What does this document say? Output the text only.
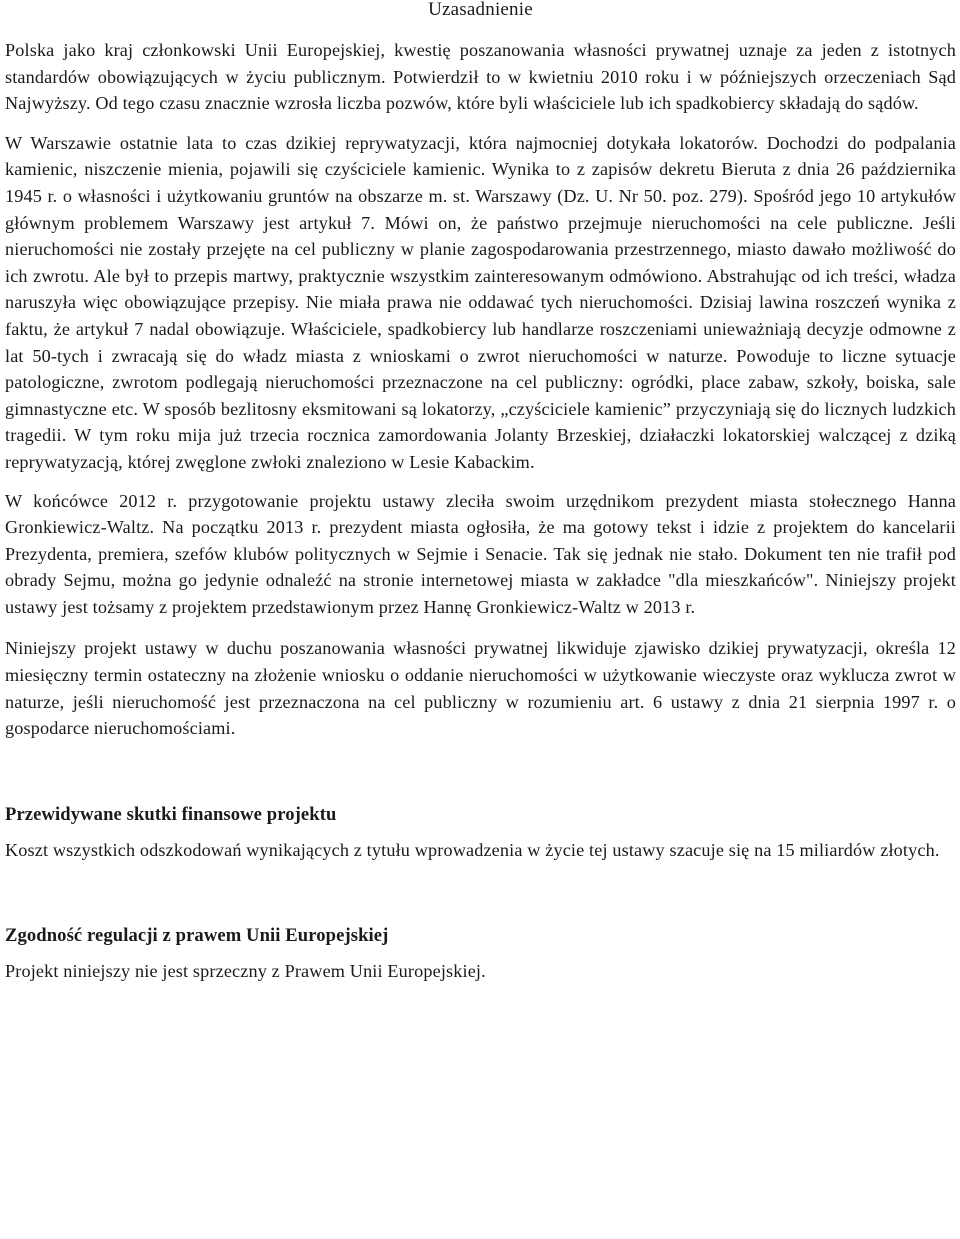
Uzasadnienie

Polska jako kraj członkowski Unii Europejskiej, kwestię poszanowania własności prywatnej uznaje za jeden z istotnych standardów obowiązujących w życiu publicznym. Potwierdził to w kwietniu 2010 roku i w późniejszych orzeczeniach Sąd Najwyższy. Od tego czasu znacznie wzrosła liczba pozwów, które byli właściciele lub ich spadkobiercy składają do sądów.

W Warszawie ostatnie lata to czas dzikiej reprywatyzacji, która najmocniej dotykała lokatorów. Dochodzi do podpalania kamienic, niszczenie mienia, pojawili się czyściciele kamienic. Wynika to z zapisów dekretu Bieruta z dnia 26 października 1945 r. o własności i użytkowaniu gruntów na obszarze m. st. Warszawy (Dz. U. Nr 50. poz. 279). Spośród jego 10 artykułów głównym problemem Warszawy jest artykuł 7. Mówi on, że państwo przejmuje nieruchomości na cele publiczne. Jeśli nieruchomości nie zostały przejęte na cel publiczny w planie zagospodarowania przestrzennego, miasto dawało możliwość do ich zwrotu. Ale był to przepis martwy, praktycznie wszystkim zainteresowanym odmówiono. Abstrahując od ich treści, władza naruszyła więc obowiązujące przepisy. Nie miała prawa nie oddawać tych nieruchomości. Dzisiaj lawina roszczeń wynika z faktu, że artykuł 7 nadal obowiązuje. Właściciele, spadkobiercy lub handlarze roszczeniami unieważniają decyzje odmowne z lat 50-tych i zwracają się do władz miasta z wnioskami o zwrot nieruchomości w naturze. Powoduje to liczne sytuacje patologiczne, zwrotom podlegają nieruchomości przeznaczone na cel publiczny: ogródki, place zabaw, szkoły, boiska, sale gimnastyczne etc. W sposób bezlitosny eksmitowani są lokatorzy, „czyściciele kamienic” przyczyniają się do licznych ludzkich tragedii. W tym roku mija już trzecia rocznica zamordowania Jolanty Brzeskiej, działaczki lokatorskiej walczącej z dziką reprywatyzacją, której zwęglone zwłoki znaleziono w Lesie Kabackim.

W końcówce 2012 r. przygotowanie projektu ustawy zleciła swoim urzędnikom prezydent miasta stołecznego Hanna Gronkiewicz-Waltz. Na początku 2013 r. prezydent miasta ogłosiła, że ma gotowy tekst i idzie z projektem do kancelarii Prezydenta, premiera, szefów klubów politycznych w Sejmie i Senacie. Tak się jednak nie stało. Dokument ten nie trafił pod obrady Sejmu, można go jedynie odnaleźć na stronie internetowej miasta w zakładce "dla mieszkańców". Niniejszy projekt ustawy jest tożsamy z projektem przedstawionym przez Hannę Gronkiewicz-Waltz w 2013 r.

Niniejszy projekt ustawy w duchu poszanowania własności prywatnej likwiduje zjawisko dzikiej prywatyzacji, określa 12 miesięczny termin ostateczny na złożenie wniosku o oddanie nieruchomości w użytkowanie wieczyste oraz wyklucza zwrot w naturze, jeśli nieruchomość jest przeznaczona na cel publiczny w rozumieniu art. 6 ustawy z dnia 21 sierpnia 1997 r. o gospodarce nieruchomościami.

Przewidywane skutki finansowe projektu

Koszt wszystkich odszkodowań wynikających z tytułu wprowadzenia w życie tej ustawy szacuje się na 15 miliardów złotych.

Zgodność regulacji z prawem Unii Europejskiej

Projekt niniejszy nie jest sprzeczny z Prawem Unii Europejskiej.
